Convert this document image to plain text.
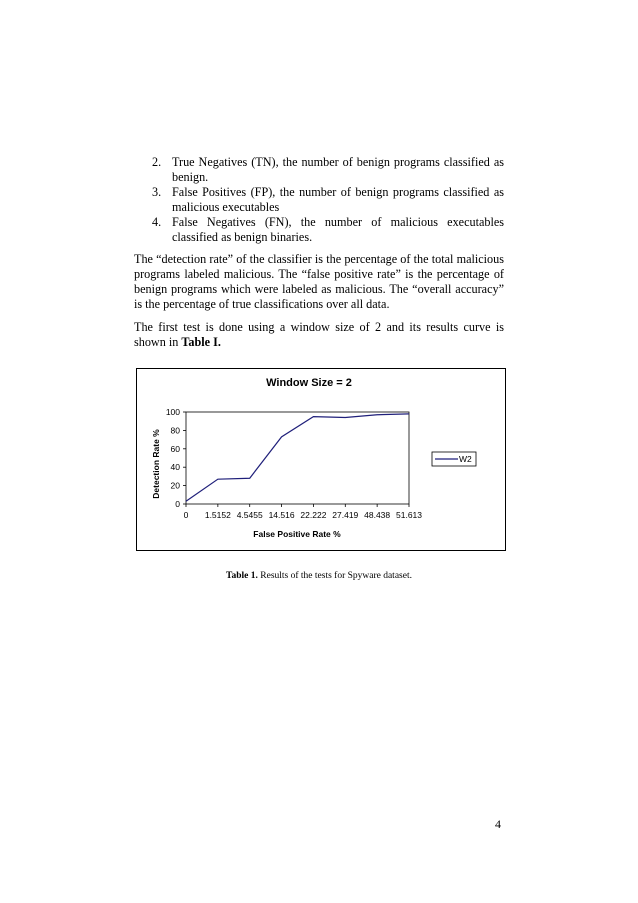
2. True Negatives (TN), the number of benign programs classified as benign.
3. False Positives (FP), the number of benign programs classified as malicious executables
4. False Negatives (FN), the number of malicious executables classified as benign binaries.

The “detection rate” of the classifier is the percentage of the total malicious programs labeled malicious. The “false positive rate” is the percentage of benign programs which were labeled as malicious. The “overall accuracy” is the percentage of true classifications over all data.

The first test is done using a window size of 2 and its results curve is shown in Table I.

Window Size = 2
Detection Rate %
False Positive Rate %
0
20
40
60
80
100
0 1.5152 4.5455 14.516 22.222 27.419 48.438 51.613
W2
Table 1. Results of the tests for Spyware dataset.
4
